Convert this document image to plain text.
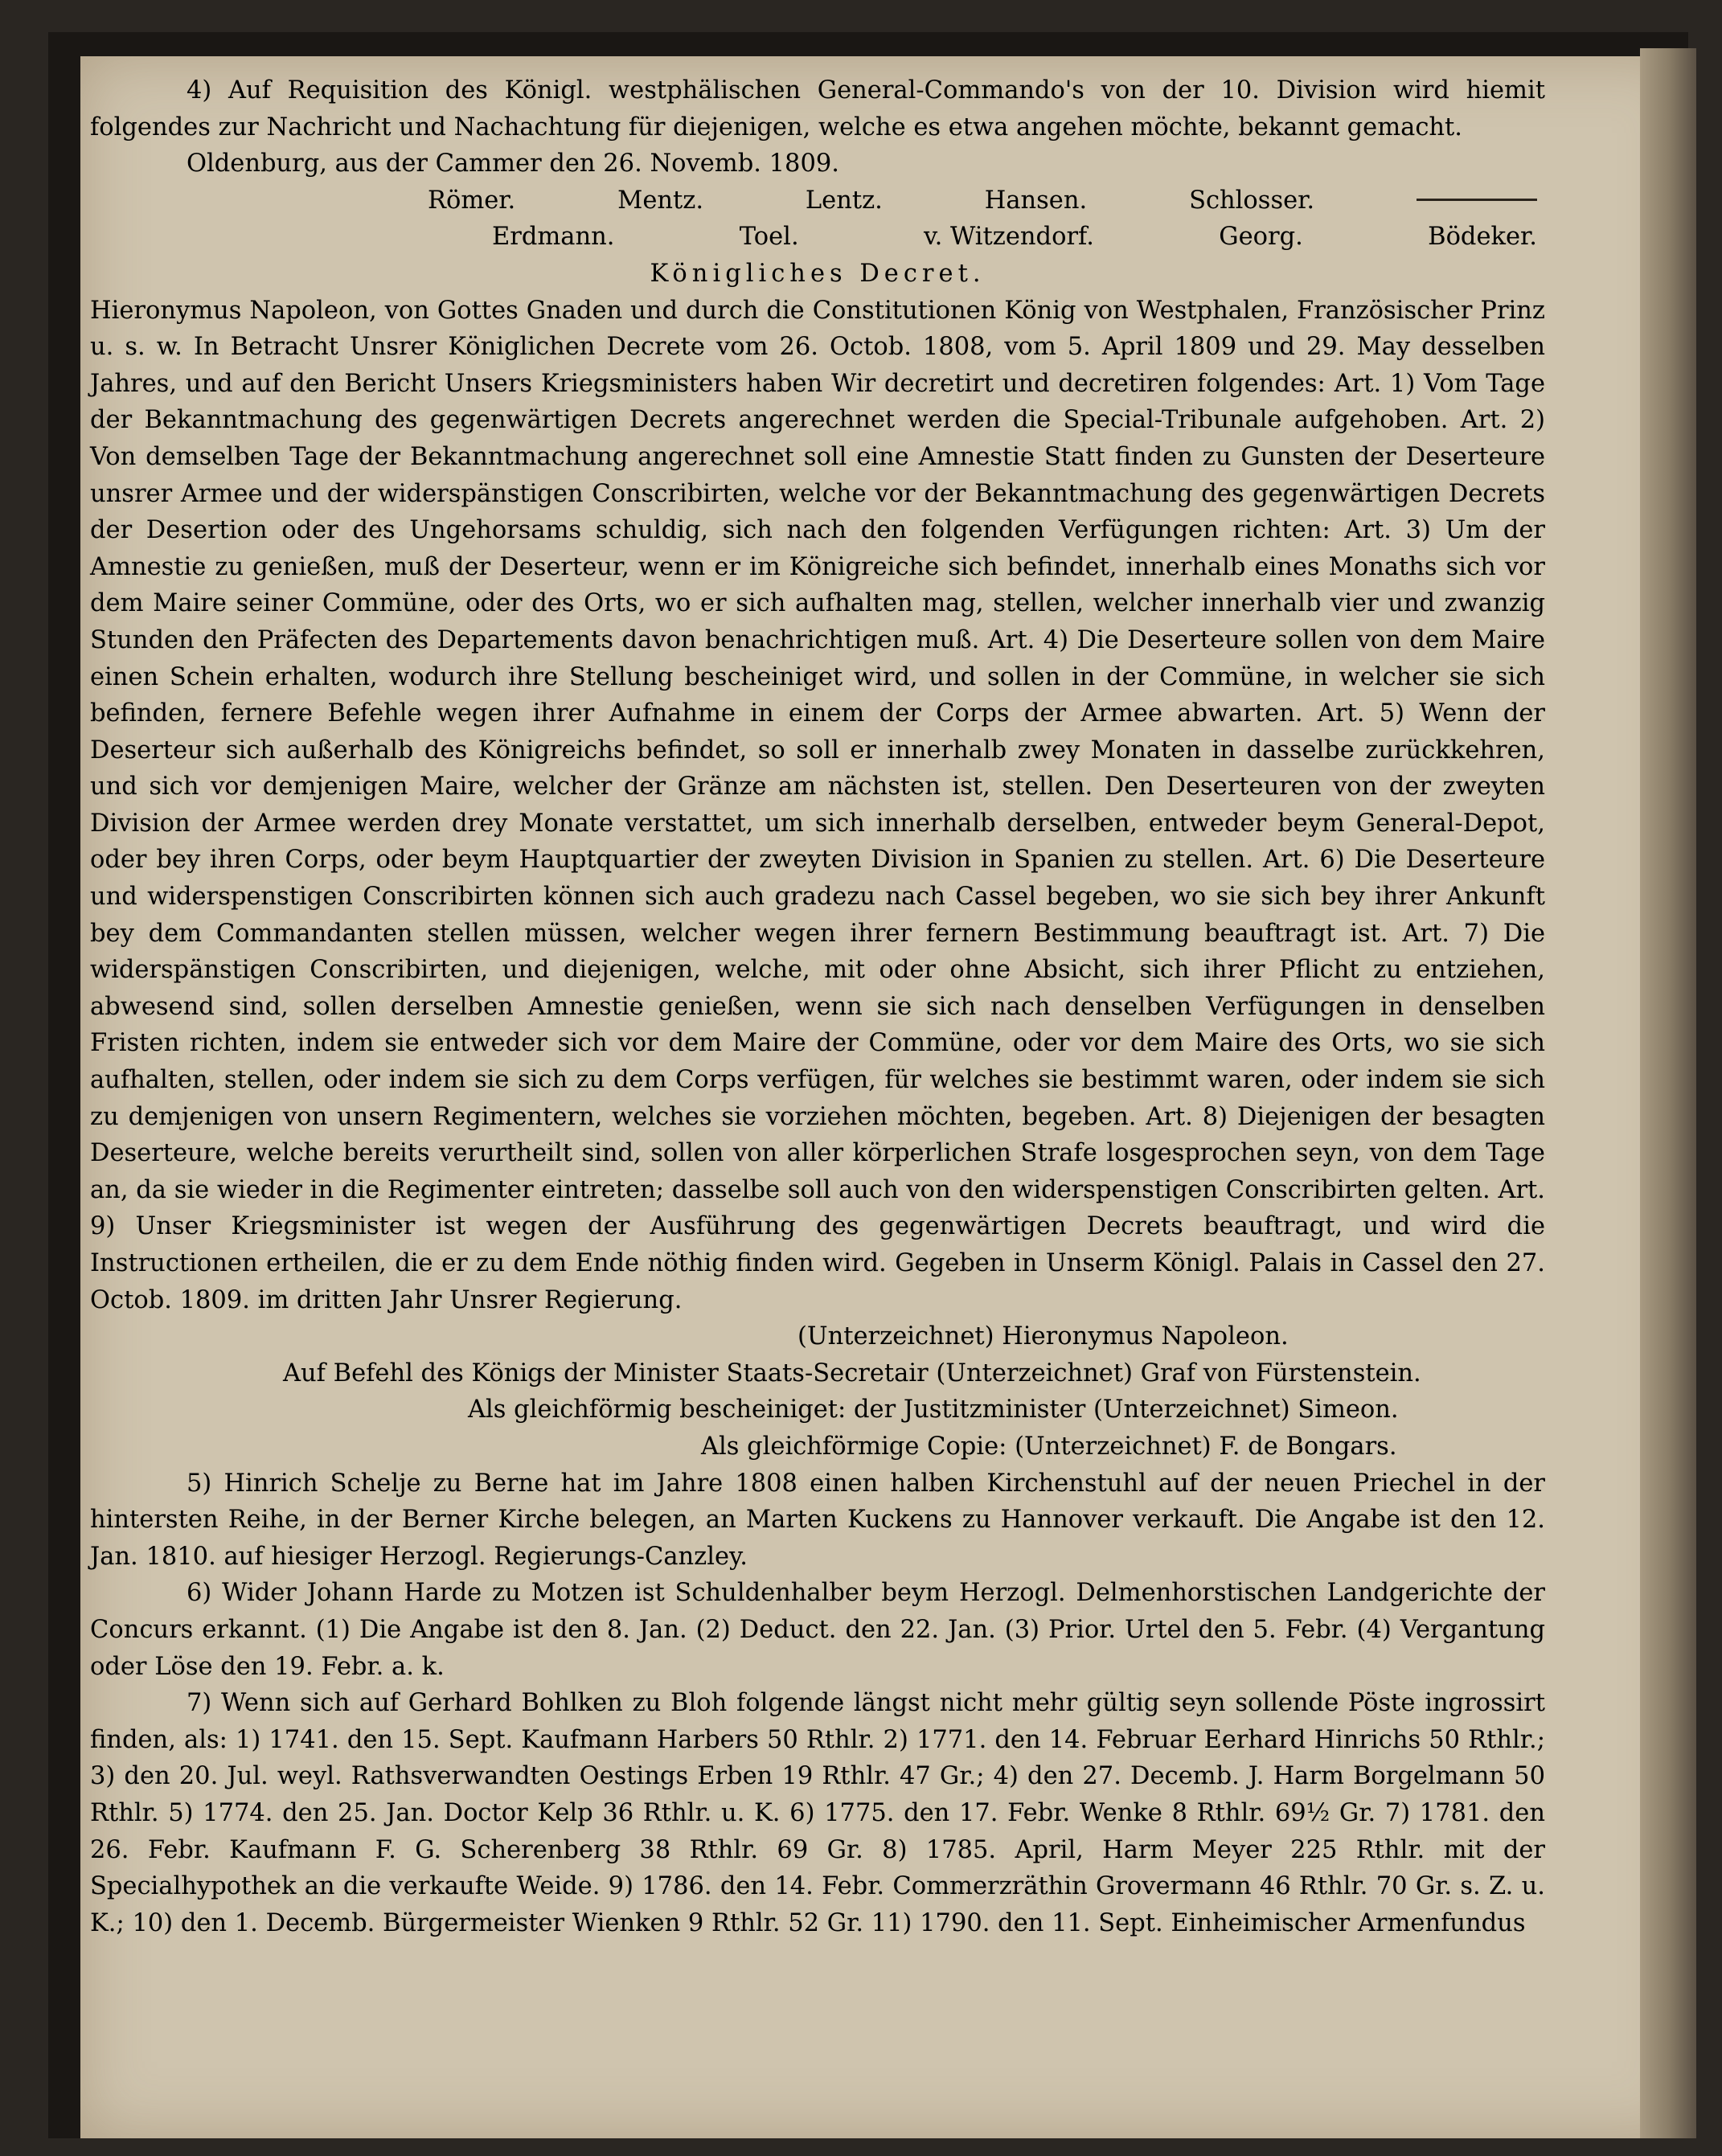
4) Auf Requisition des Königl. westphälischen General-Commando's von der 10. Division wird hiemit folgendes zur Nachricht und Nachachtung für diejenigen, welche es etwa angehen möchte, bekannt gemacht.

Oldenburg, aus der Cammer den 26. Novemb. 1809.

Römer.	Mentz.	Lentz.	Hansen.	Schlosser.
Erdmann.	Toel.	v. Witzendorf.	Georg.	Bödeker.

Königliches Decret.

Hieronymus Napoleon, von Gottes Gnaden und durch die Constitutionen König von Westphalen, Französischer Prinz u. s. w. In Betracht Unsrer Königlichen Decrete vom 26. Octob. 1808, vom 5. April 1809 und 29. May desselben Jahres, und auf den Bericht Unsers Kriegsministers haben Wir decretirt und decretiren folgendes: Art. 1) Vom Tage der Bekanntmachung des gegenwärtigen Decrets angerechnet werden die Special-Tribunale aufgehoben. Art. 2) Von demselben Tage der Bekanntmachung angerechnet soll eine Amnestie Statt finden zu Gunsten der Deserteure unsrer Armee und der widerspänstigen Conscribirten, welche vor der Bekanntmachung des gegenwärtigen Decrets der Desertion oder des Ungehorsams schuldig, sich nach den folgenden Verfügungen richten: Art. 3) Um der Amnestie zu genießen, muß der Deserteur, wenn er im Königreiche sich befindet, innerhalb eines Monaths sich vor dem Maire seiner Commüne, oder des Orts, wo er sich aufhalten mag, stellen, welcher innerhalb vier und zwanzig Stunden den Präfecten des Departements davon benachrichtigen muß. Art. 4) Die Deserteure sollen von dem Maire einen Schein erhalten, wodurch ihre Stellung bescheiniget wird, und sollen in der Commüne, in welcher sie sich befinden, fernere Befehle wegen ihrer Aufnahme in einem der Corps der Armee abwarten. Art. 5) Wenn der Deserteur sich außerhalb des Königreichs befindet, so soll er innerhalb zwey Monaten in dasselbe zurückkehren, und sich vor demjenigen Maire, welcher der Gränze am nächsten ist, stellen. Den Deserteuren von der zweyten Division der Armee werden drey Monate verstattet, um sich innerhalb derselben, entweder beym General-Depot, oder bey ihren Corps, oder beym Hauptquartier der zweyten Division in Spanien zu stellen. Art. 6) Die Deserteure und widerspenstigen Conscribirten können sich auch gradezu nach Cassel begeben, wo sie sich bey ihrer Ankunft bey dem Commandanten stellen müssen, welcher wegen ihrer fernern Bestimmung beauftragt ist. Art. 7) Die widerspänstigen Conscribirten, und diejenigen, welche, mit oder ohne Absicht, sich ihrer Pflicht zu entziehen, abwesend sind, sollen derselben Amnestie genießen, wenn sie sich nach denselben Verfügungen in denselben Fristen richten, indem sie entweder sich vor dem Maire der Commüne, oder vor dem Maire des Orts, wo sie sich aufhalten, stellen, oder indem sie sich zu dem Corps verfügen, für welches sie bestimmt waren, oder indem sie sich zu demjenigen von unsern Regimentern, welches sie vorziehen möchten, begeben. Art. 8) Diejenigen der besagten Deserteure, welche bereits verurtheilt sind, sollen von aller körperlichen Strafe losgesprochen seyn, von dem Tage an, da sie wieder in die Regimenter eintreten; dasselbe soll auch von den widerspenstigen Conscribirten gelten. Art. 9) Unser Kriegsminister ist wegen der Ausführung des gegenwärtigen Decrets beauftragt, und wird die Instructionen ertheilen, die er zu dem Ende nöthig finden wird. Gegeben in Unserm Königl. Palais in Cassel den 27. Octob. 1809. im dritten Jahr Unsrer Regierung.

(Unterzeichnet) Hieronymus Napoleon.

Auf Befehl des Königs der Minister Staats-Secretair (Unterzeichnet) Graf von Fürstenstein.

Als gleichförmig bescheiniget: der Justitzminister (Unterzeichnet) Simeon.

Als gleichförmige Copie: (Unterzeichnet) F. de Bongars.

5) Hinrich Schelje zu Berne hat im Jahre 1808 einen halben Kirchenstuhl auf der neuen Priechel in der hintersten Reihe, in der Berner Kirche belegen, an Marten Kuckens zu Hannover verkauft. Die Angabe ist den 12. Jan. 1810. auf hiesiger Herzogl. Regierungs-Canzley.

6) Wider Johann Harde zu Motzen ist Schuldenhalber beym Herzogl. Delmenhorstischen Landgerichte der Concurs erkannt. (1) Die Angabe ist den 8. Jan. (2) Deduct. den 22. Jan. (3) Prior. Urtel den 5. Febr. (4) Vergantung oder Löse den 19. Febr. a. k.

7) Wenn sich auf Gerhard Bohlken zu Bloh folgende längst nicht mehr gültig seyn sollende Pöste ingrossirt finden, als: 1) 1741. den 15. Sept. Kaufmann Harbers 50 Rthlr. 2) 1771. den 14. Februar Eerhard Hinrichs 50 Rthlr.; 3) den 20. Jul. weyl. Rathsverwandten Oestings Erben 19 Rthlr. 47 Gr.; 4) den 27. Decemb. J. Harm Borgelmann 50 Rthlr. 5) 1774. den 25. Jan. Doctor Kelp 36 Rthlr. u. K. 6) 1775. den 17. Febr. Wenke 8 Rthlr. 69½ Gr. 7) 1781. den 26. Febr. Kaufmann F. G. Scherenberg 38 Rthlr. 69 Gr. 8) 1785. April, Harm Meyer 225 Rthlr. mit der Specialhypothek an die verkaufte Weide. 9) 1786. den 14. Febr. Commerzräthin Grovermann 46 Rthlr. 70 Gr. s. Z. u. K.; 10) den 1. Decemb. Bürgermeister Wienken 9 Rthlr. 52 Gr. 11) 1790. den 11. Sept. Einheimischer Armenfundus
